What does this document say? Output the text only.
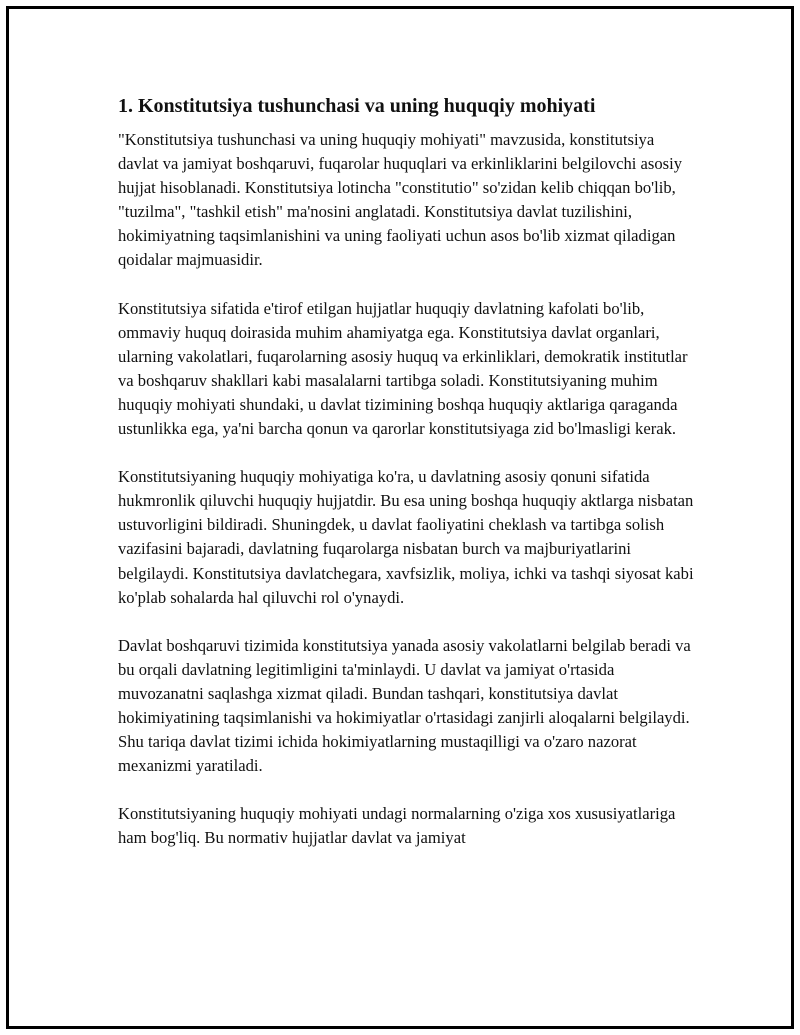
1. Konstitutsiya tushunchasi va uning huquqiy mohiyati

"Konstitutsiya tushunchasi va uning huquqiy mohiyati" mavzusida, konstitutsiya davlat va jamiyat boshqaruvi, fuqarolar huquqlari va erkinliklarini belgilovchi asosiy hujjat hisoblanadi. Konstitutsiya lotincha "constitutio" so'zidan kelib chiqqan bo'lib, "tuzilma", "tashkil etish" ma'nosini anglatadi. Konstitutsiya davlat tuzilishini, hokimiyatning taqsimlanishini va uning faoliyati uchun asos bo'lib xizmat qiladigan qoidalar majmuasidir.

Konstitutsiya sifatida e'tirof etilgan hujjatlar huquqiy davlatning kafolati bo'lib, ommaviy huquq doirasida muhim ahamiyatga ega. Konstitutsiya davlat organlari, ularning vakolatlari, fuqarolarning asosiy huquq va erkinliklari, demokratik institutlar va boshqaruv shakllari kabi masalalarni tartibga soladi. Konstitutsiyaning muhim huquqiy mohiyati shundaki, u davlat tizimining boshqa huquqiy aktlariga qaraganda ustunlikka ega, ya'ni barcha qonun va qarorlar konstitutsiyaga zid bo'lmasligi kerak.

Konstitutsiyaning huquqiy mohiyatiga ko'ra, u davlatning asosiy qonuni sifatida hukmronlik qiluvchi huquqiy hujjatdir. Bu esa uning boshqa huquqiy aktlarga nisbatan ustuvorligini bildiradi. Shuningdek, u davlat faoliyatini cheklash va tartibga solish vazifasini bajaradi, davlatning fuqarolarga nisbatan burch va majburiyatlarini belgilaydi. Konstitutsiya davlatchegara, xavfsizlik, moliya, ichki va tashqi siyosat kabi ko'plab sohalarda hal qiluvchi rol o'ynaydi.

Davlat boshqaruvi tizimida konstitutsiya yanada asosiy vakolatlarni belgilab beradi va bu orqali davlatning legitimligini ta'minlaydi. U davlat va jamiyat o'rtasida muvozanatni saqlashga xizmat qiladi. Bundan tashqari, konstitutsiya davlat hokimiyatining taqsimlanishi va hokimiyatlar o'rtasidagi zanjirli aloqalarni belgilaydi. Shu tariqa davlat tizimi ichida hokimiyatlarning mustaqilligi va o'zaro nazorat mexanizmi yaratiladi.

Konstitutsiyaning huquqiy mohiyati undagi normalarning o'ziga xos xususiyatlariga ham bog'liq. Bu normativ hujjatlar davlat va jamiyat
